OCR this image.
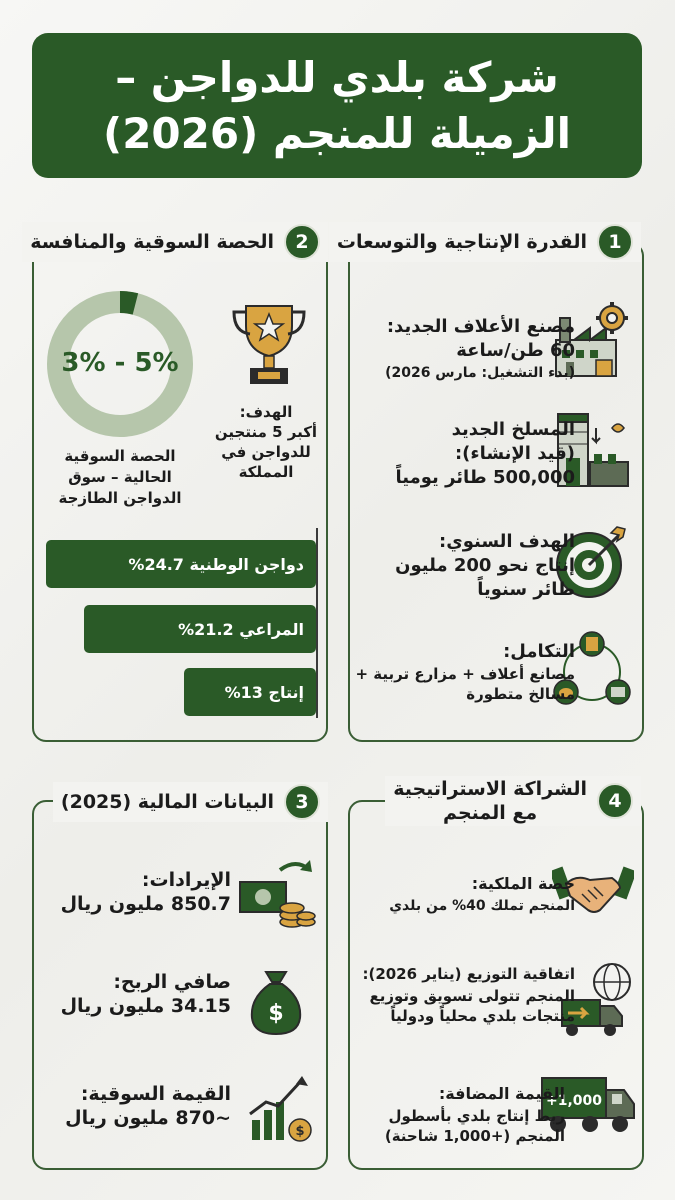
شركة بلدي للدواجن –
الزميلة للمنجم (2026)
1
القدرة الإنتاجية والتوسعات
مصنع الأعلاف الجديد:
60 طن/ساعة
(بدء التشغيل: مارس 2026)
المسلخ الجديد
(قيد الإنشاء):
500,000 طائر يومياً
الهدف السنوي:
إنتاج نحو 200 مليون
طائر سنوياً
التكامل:
مصانع أعلاف + مزارع تربية +
مسالخ متطورة
2
الحصة السوقية والمنافسة
3% - 5%
الحصة السوقية
الحالية – سوق
الدواجن الطازجة
الهدف:
أكبر 5 منتجين
للدواجن في
المملكة
دواجن الوطنية 24.7%
المراعي 21.2%
إنتاج 13%
4
الشراكة الاستراتيجية
مع المنجم
حصة الملكية:
المنجم تملك 40% من بلدي
اتفاقية التوزيع (يناير 2026):
المنجم تتولى تسويق وتوزيع
منتجات بلدي محلياً ودولياً
+1,000
القيمة المضافة:
ربط إنتاج بلدي بأسطول
المنجم (+1,000 شاحنة)
3
البيانات المالية (2025)
الإيرادات:
850.7 مليون ريال
$
صافي الربح:
34.15 مليون ريال
$
القيمة السوقية:
~870 مليون ريال
